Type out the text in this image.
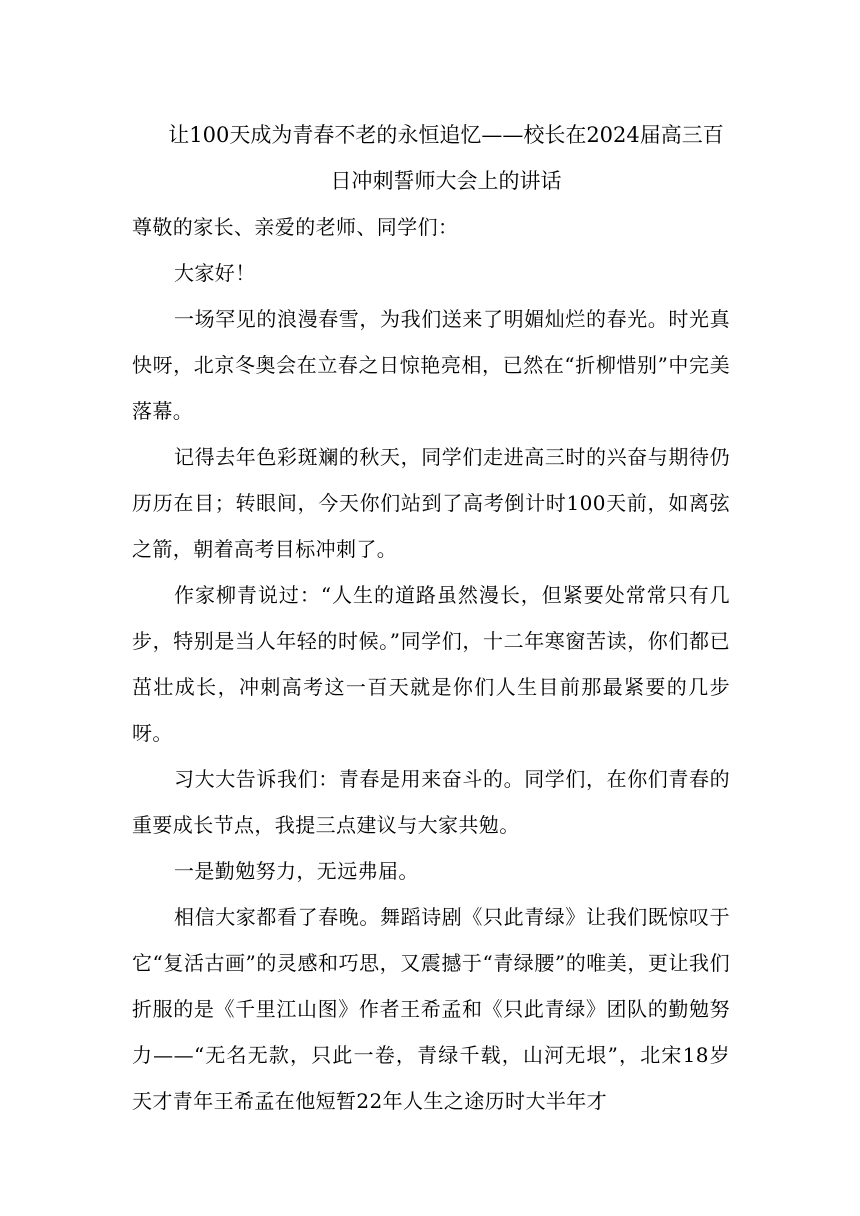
让100天成为青春不老的永恒追忆——校长在2024届高三百日冲刺誓师大会上的讲话

尊敬的家长、亲爱的老师、同学们：

大家好！

一场罕见的浪漫春雪，为我们送来了明媚灿烂的春光。时光真快呀，北京冬奥会在立春之日惊艳亮相，已然在“折柳惜别”中完美落幕。

记得去年色彩斑斓的秋天，同学们走进高三时的兴奋与期待仍历历在目；转眼间，今天你们站到了高考倒计时100天前，如离弦之箭，朝着高考目标冲刺了。

作家柳青说过：“人生的道路虽然漫长，但紧要处常常只有几步，特别是当人年轻的时候。”同学们，十二年寒窗苦读，你们都已茁壮成长，冲刺高考这一百天就是你们人生目前那最紧要的几步呀。

习大大告诉我们：青春是用来奋斗的。同学们，在你们青春的重要成长节点，我提三点建议与大家共勉。

一是勤勉努力，无远弗届。

相信大家都看了春晚。舞蹈诗剧《只此青绿》让我们既惊叹于它“复活古画”的灵感和巧思，又震撼于“青绿腰”的唯美，更让我们折服的是《千里江山图》作者王希孟和《只此青绿》团队的勤勉努力——“无名无款，只此一卷，青绿千载，山河无垠”，北宋18岁天才青年王希孟在他短暂22年人生之途历时大半年才
